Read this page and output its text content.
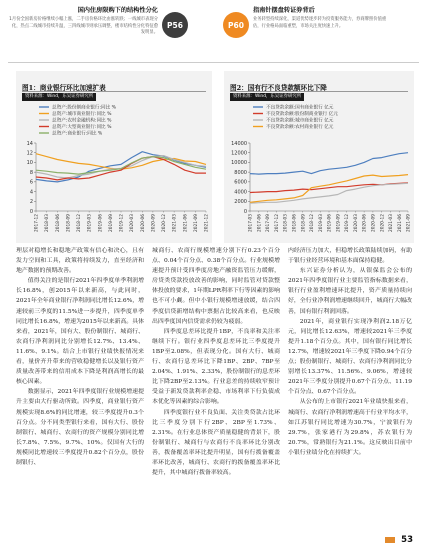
国内住房限购下的结构性分化
1月份全国新房价格继续小幅上涨，二手房价格环比由涨转跌；一线城市表现分化，热点二线城市持续升温，三四线城市则承压调整，楼市结构性分化特征愈发明显。
P56	P60
指南针摆盘转证券背后
业务转型持续深化，渠道优势逐步转为投资服务能力，券商牌照价值重估，行业格局面临重塑，市场关注度快速上升。
图1：商业银行环比加速扩表
资料来源：Wind，东吴证券研究所
总资产:股份制商业银行:同比 %
总资产:城市商业银行:同比 %
总资产:农村金融机构:同比 %
总资产:大型商业银行:同比 %
总资产:商业银行:同比 %
0
2
4
6
8
10
12
14
2017-12 2018-03 2018-06 2018-09 2018-12 2019-03 2019-06 2019-09 2019-12 2020-03 2020-06 2020-09 2020-12 2021-03 2021-06 2021-09 2021-12
图2：国有行不良贷款额环比下降
资料来源：Wind，东吴证券研究所
不良贷款余额:国有商业银行 亿元
不良贷款余额:股份制商业银行 亿元
不良贷款余额:城市商业银行 亿元
不良贷款余额:农村商业银行 亿元
0
2000
4000
6000
8000
10000
12000
14000
2017-03 2017-06 2017-09 2017-12 2018-03 2018-06 2018-09 2018-12 2019-03 2019-06 2019-09 2019-12 2020-03 2020-06 2020-09 2020-12 2021-03 2021-06 2021-09

理层对稳增长和稳地产政策有信心和决心，且有发力空间和工具，政策将持续发力，直至经济和地产数据的预期改善。

值得关注的是银行2021年四季度单季利润增长16.8%，创2015年以来新高，与此同时，2021年全年商业银行净利润同比增长12.6%，增速较前三季度的11.5%进一步提升，四季度单季同比增长16.8%，增速为2015年以来新高。具体来看，2021年，国有大、股份制银行、城商行、农商行净利润同比分别增长12.7%、13.4%、11.6%、9.1%。结合上市银行业绩快报情况来看，量价齐升带来的营收稳健增长以及银行资产质量改善带来的信用成本下降是利润高增长的最核心因素。

数据显示，2021年四季度银行业规模增速提升主要由大行驱动所致。四季度，商业银行资产规模实现8.6%的同比增速，较三季度提升0.3个百分点。分不同类型银行来看，国有大行、股份制银行、城商行、农商行的资产规模分别同比增长7.8%、7.5%、9.7%、10%。仅国有大行的规模同比增速较三季度提升0.82个百分点，股份制银行、

城商行、农商行规模增速分别下行0.23个百分点、0.04个百分点、0.38个百分点。行业规模增速提升预计受四季度房地产融资监管压力缓解，房贷类贷款投放改善的影响，同时监管对贷款整体投放的要求，1年期LPR利率下行等因素的影响也不可小觑。但中小银行规模增速放缓，结合四季度信贷新增结构中票据占比较高来看，也反映出四季度国内信贷需求仍较为疲弱。

四季度息差环比提升1BP，不良率和关注率继续下行。银行业四季度息差环比三季度提升1BP至2.08%，但表现分化。国有大行、城商行、农商行息差环比下降1BP、2BP、7BP至2.04%、1.91%、2.33%，股份制银行的息差环比下降2BP至2.13%。行业息差的持续收窄预计受益于新发贷款利率企稳、市场利率下行负债成本优化等因素的综合影响。

四季度银行业不良负面、关注类贷款占比环比三季度分别下行2BP、2BP至1.73%、2.31%。在行业总体资产质量稳健的背景下，股份制银行、城商行与农商行不良率环比分别改善，拨备覆盖率环比提升明显，国有行拨备覆盖率环比改善，城商行、农商行的拨备覆盖率环比提升，其中城商行拨备率较高。

内经济压力加大，但稳增长政策陆续加码，有助于银行业经营环境和基本面保持稳健。

东兴证券分析认为，从银保监会公布的2021年四季度银行业主要监管指标数据来看，银行行业盈利增速环比提升，资产质量持续向好，全行业净利润增速继续回升，城商行大幅改善，国有银行利润回落。

2021年，商业银行实现净利润2.18万亿元，同比增长12.63%，增速较2021年三季度提升1.18个百分点。其中，国有银行同比增长12.7%，增速较2021年三季度下降0.94个百分点；股份制银行、城商行、农商行净利润同比分别增长13.37%、11.56%、9.06%，增速较2021年三季度分别提升0.67个百分点、11.19个百分点、0.67个百分点。

从公布的上市银行2021年业绩快报来看，城商行、农商行净利润增速高于行业平均水平，如江苏银行同比增速为30.7%，宁波银行为29.7%，张家港行为29.8%，苏农银行为20.7%，常熟银行为21.1%。这反映出目前中小银行业绩分化在持续扩大。

53
